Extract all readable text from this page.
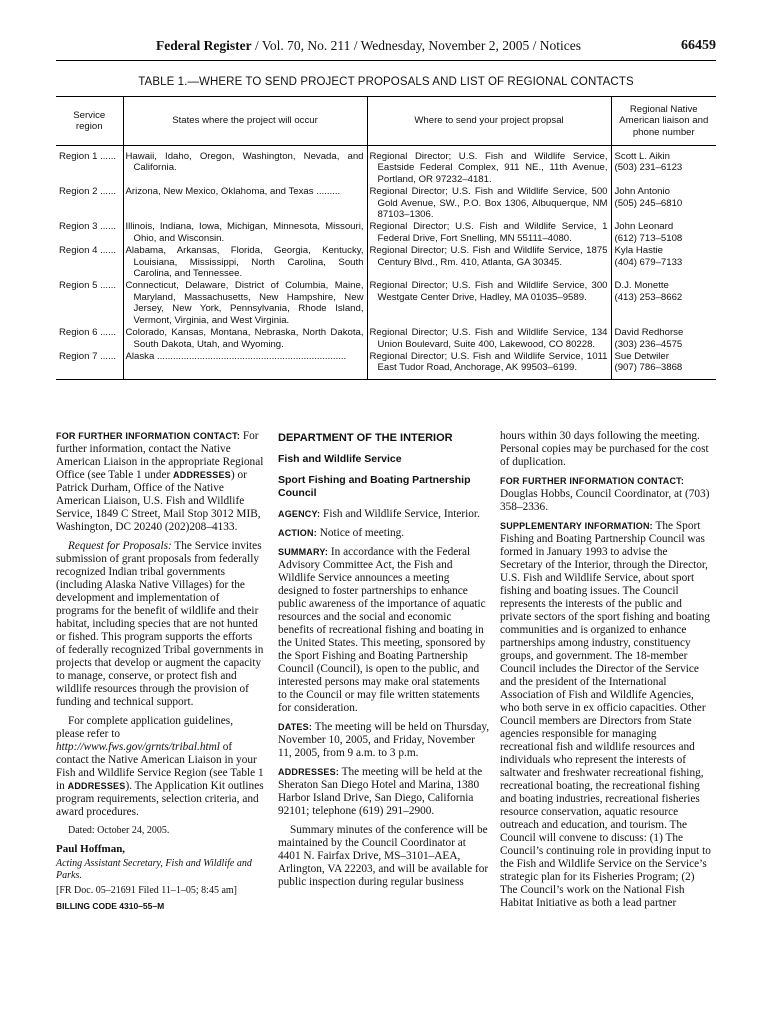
Federal Register / Vol. 70, No. 211 / Wednesday, November 2, 2005 / Notices	66459
TABLE 1.—WHERE TO SEND PROJECT PROPOSALS AND LIST OF REGIONAL CONTACTS
Service region	States where the project will occur	Where to send your project propsal	Regional Native American liaison and phone number
Region 1 ......	Hawaii, Idaho, Oregon, Washington, Nevada, and California.	Regional Director; U.S. Fish and Wildlife Service, Eastside Federal Complex, 911 NE., 11th Avenue, Portland, OR 97232–4181.	Scott L. Aikin
(503) 231–6123

Region 2 ......	Arizona, New Mexico, Oklahoma, and Texas .........	Regional Director; U.S. Fish and Wildlife Service, 500 Gold Avenue, SW., P.O. Box 1306, Albuquerque, NM 87103–1306.	John Antonio
(505) 245–6810

Region 3 ......	Illinois, Indiana, Iowa, Michigan, Minnesota, Missouri, Ohio, and Wisconsin.	Regional Director; U.S. Fish and Wildlife Service, 1 Federal Drive, Fort Snelling, MN 55111–4080.	John Leonard
(612) 713–5108

Region 4 ......	Alabama, Arkansas, Florida, Georgia, Kentucky, Louisiana, Mississippi, North Carolina, South Carolina, and Tennessee.	Regional Director; U.S. Fish and Wildlife Service, 1875 Century Blvd., Rm. 410, Atlanta, GA 30345.	Kyla Hastie
(404) 679–7133

Region 5 ......	Connecticut, Delaware, District of Columbia, Maine, Maryland, Massachusetts, New Hampshire, New Jersey, New York, Pennsylvania, Rhode Island, Vermont, Virginia, and West Virginia.	Regional Director; U.S. Fish and Wildlife Service, 300 Westgate Center Drive, Hadley, MA 01035–9589.	D.J. Monette
(413) 253–8662

Region 6 ......	Colorado, Kansas, Montana, Nebraska, North Dakota, South Dakota, Utah, and Wyoming.	Regional Director; U.S. Fish and Wildlife Service, 134 Union Boulevard, Suite 400, Lakewood, CO 80228.	David Redhorse
(303) 236–4575

Region 7 ......	Alaska .......................................................................	Regional Director; U.S. Fish and Wildlife Service, 1011 East Tudor Road, Anchorage, AK 99503–6199.	Sue Detwiler
(907) 786–3868

FOR FURTHER INFORMATION CONTACT: For further information, contact the Native American Liaison in the appropriate Regional Office (see Table 1 under ADDRESSES) or Patrick Durham, Office of the Native American Liaison, U.S. Fish and Wildlife Service, 1849 C Street, Mail Stop 3012 MIB, Washington, DC 20240 (202)208–4133.

Request for Proposals: The Service invites submission of grant proposals from federally recognized Indian tribal governments (including Alaska Native Villages) for the development and implementation of programs for the benefit of wildlife and their habitat, including species that are not hunted or fished. This program supports the efforts of federally recognized Tribal governments in projects that develop or augment the capacity to manage, conserve, or protect fish and wildlife resources through the provision of funding and technical support.

For complete application guidelines, please refer to http://www.fws.gov/grnts/tribal.html of contact the Native American Liaison in your Fish and Wildlife Service Region (see Table 1 in ADDRESSES). The Application Kit outlines program requirements, selection criteria, and award procedures.

Dated: October 24, 2005.

Paul Hoffman,
Acting Assistant Secretary, Fish and Wildlife and Parks.
[FR Doc. 05–21691 Filed 11–1–05; 8:45 am]
BILLING CODE 4310–55–M
DEPARTMENT OF THE INTERIOR
Fish and Wildlife Service
Sport Fishing and Boating Partnership Council

AGENCY: Fish and Wildlife Service, Interior.

ACTION: Notice of meeting.

SUMMARY: In accordance with the Federal Advisory Committee Act, the Fish and Wildlife Service announces a meeting designed to foster partnerships to enhance public awareness of the importance of aquatic resources and the social and economic benefits of recreational fishing and boating in the United States. This meeting, sponsored by the Sport Fishing and Boating Partnership Council (Council), is open to the public, and interested persons may make oral statements to the Council or may file written statements for consideration.

DATES: The meeting will be held on Thursday, November 10, 2005, and Friday, November 11, 2005, from 9 a.m. to 3 p.m.

ADDRESSES: The meeting will be held at the Sheraton San Diego Hotel and Marina, 1380 Harbor Island Drive, San Diego, California 92101; telephone (619) 291–2900.

Summary minutes of the conference will be maintained by the Council Coordinator at 4401 N. Fairfax Drive, MS–3101–AEA, Arlington, VA 22203, and will be available for public inspection during regular business

hours within 30 days following the meeting. Personal copies may be purchased for the cost of duplication.

FOR FURTHER INFORMATION CONTACT: Douglas Hobbs, Council Coordinator, at (703) 358–2336.

SUPPLEMENTARY INFORMATION: The Sport Fishing and Boating Partnership Council was formed in January 1993 to advise the Secretary of the Interior, through the Director, U.S. Fish and Wildlife Service, about sport fishing and boating issues. The Council represents the interests of the public and private sectors of the sport fishing and boating communities and is organized to enhance partnerships among industry, constituency groups, and government. The 18-member Council includes the Director of the Service and the president of the International Association of Fish and Wildlife Agencies, who both serve in ex officio capacities. Other Council members are Directors from State agencies responsible for managing recreational fish and wildlife resources and individuals who represent the interests of saltwater and freshwater recreational fishing, recreational boating, the recreational fishing and boating industries, recreational fisheries resource conservation, aquatic resource outreach and education, and tourism. The Council will convene to discuss: (1) The Council’s continuing role in providing input to the Fish and Wildlife Service on the Service’s strategic plan for its Fisheries Program; (2) The Council’s work on the National Fish Habitat Initiative as both a lead partner
